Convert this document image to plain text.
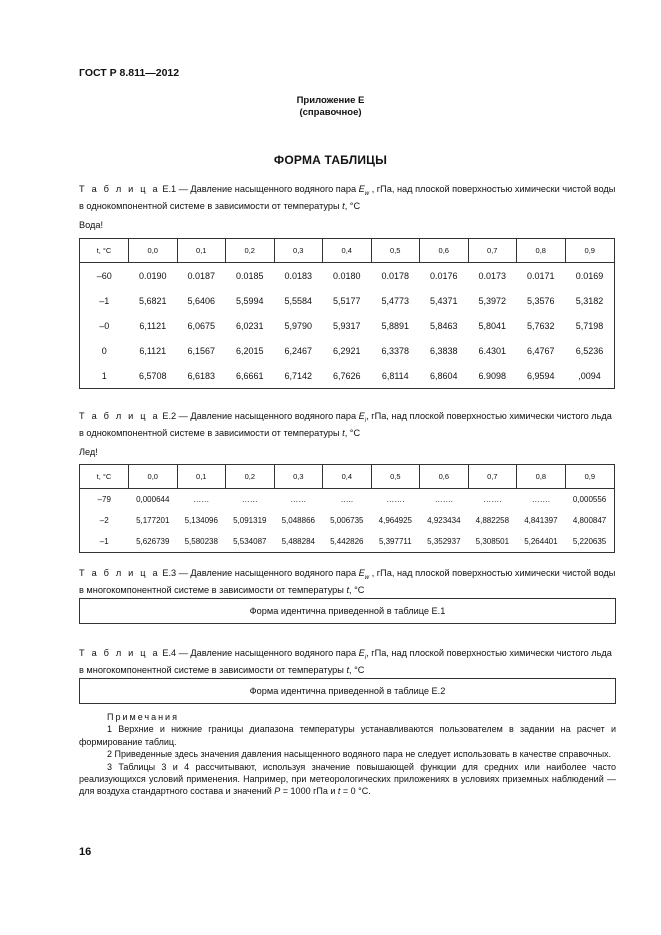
ГОСТ Р 8.811—2012
Приложение Е
(справочное)
ФОРМА ТАБЛИЦЫ
Т а б л и ц а Е.1 — Давление насыщенного водяного пара $E_w$ , гПа, над плоской поверхностью химически чистой воды в однокомпонентной системе в зависимости от температуры t, °С
Вода!
t, °C	0,0	0,1	0,2	0,3	0,4	0,5	0,6	0,7	0,8	0,9
–60	0.0190	0.0187	0.0185	0.0183	0.0180	0.0178	0.0176	0.0173	0.0171	0.0169
–1	5,6821	5,6406	5,5994	5,5584	5,5177	5,4773	5,4371	5,3972	5,3576	5,3182
–0	6,1121	6,0675	6,0231	5,9790	5,9317	5,8891	5,8463	5,8041	5,7632	5,7198
0	6,1121	6,1567	6,2015	6,2467	6,2921	6,3378	6,3838	6.4301	6,4767	6,5236
1	6,5708	6,6183	6,6661	6,7142	6,7626	6,8114	6,8604	6.9098	6,9594	,0094
Т а б л и ц а Е.2 — Давление насыщенного водяного пара $E_i$, гПа, над плоской поверхностью химически чистого льда в однокомпонентной системе в зависимости от температуры t, °С
Лед!
t, °C	0,0	0,1	0,2	0,3	0,4	0,5	0,6	0,7	0,8	0,9
–79	0,000644	……	……	……	…..	…….	…….	…….	…….	0,000556
–2	5,177201	5,134096	5,091319	5,048866	5,006735	4,964925	4,923434	4,882258	4,841397	4,800847
–1	5,626739	5,580238	5,534087	5,488284	5,442826	5,397711	5,352937	5,308501	5,264401	5,220635
Т а б л и ц а Е.3 — Давление насыщенного водяного пара $E_w$ , гПа, над плоской поверхностью химически чистой воды в многокомпонентной системе в зависимости от температуры t, °С
Форма идентична приведенной в таблице Е.1
Т а б л и ц а Е.4 — Давление насыщенного водяного пара $E_i$, гПа, над плоской поверхностью химически чистого льда в многокомпонентной системе в зависимости от температуры t, °С
Форма идентична приведенной в таблице Е.2

Примечания

1 Верхние и нижние границы диапазона температуры устанавливаются пользователем в задании на расчет и формирование таблиц.

2 Приведенные здесь значения давления насыщенного водяного пара не следует использовать в качестве справочных.

3 Таблицы 3 и 4 рассчитывают, используя значение повышающей функции для средних или наиболее часто реализующихся условий применения. Например, при метеорологических приложениях в условиях приземных наблюдений — для воздуха стандартного состава и значений P = 1000 гПа и t = 0 °С.

16
